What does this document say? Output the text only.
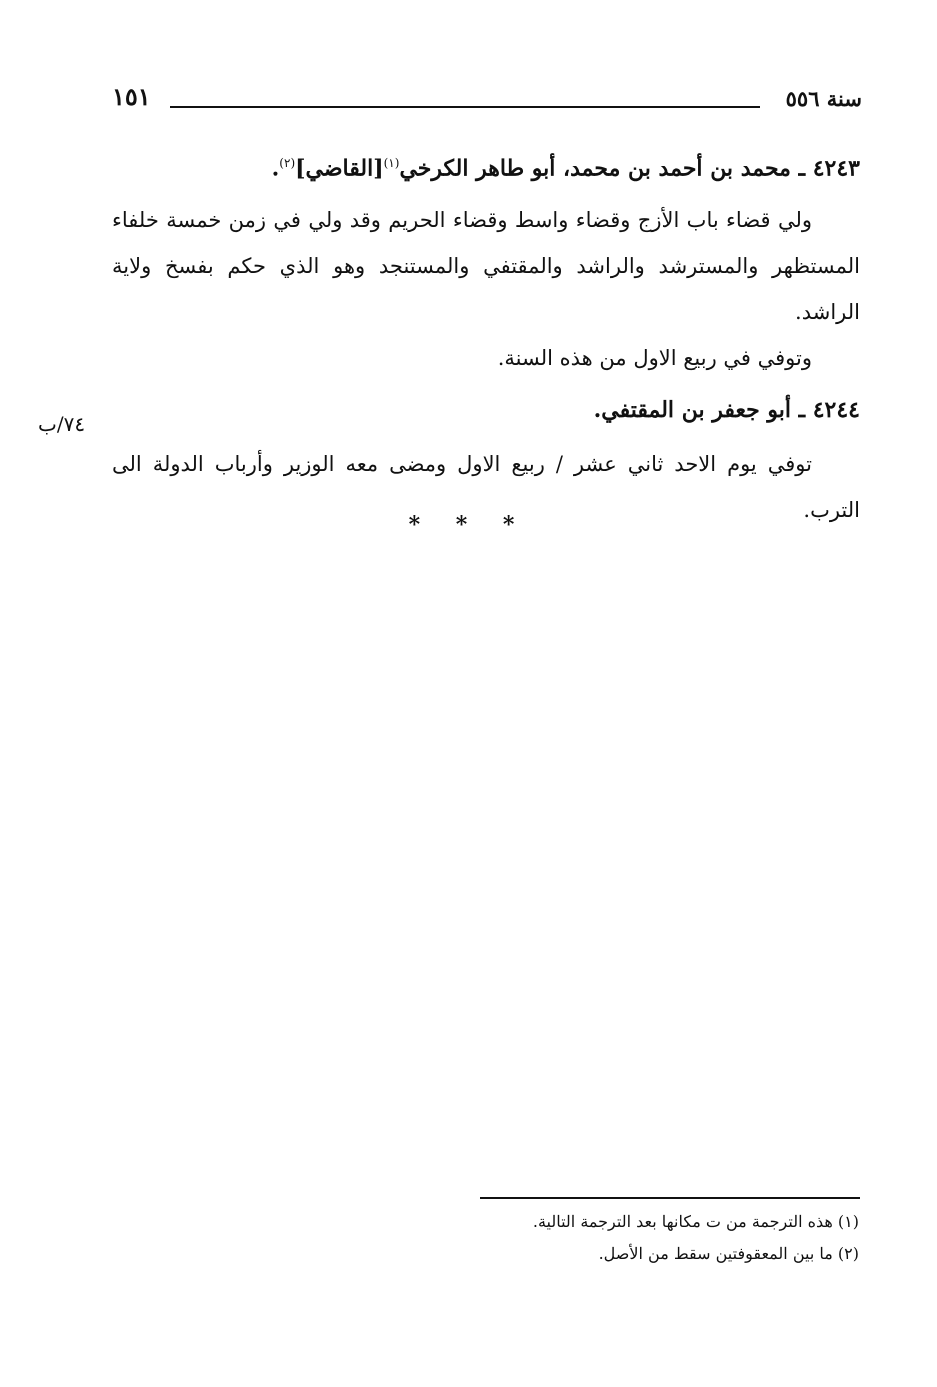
سنة ٥٥٦
١٥١

٤٢٤٣ ـ محمد بن أحمد بن محمد، أبو طاهر الكرخي$^{(١)}$[القاضي]$^{(٢)}$.

ولي قضاء باب الأزج وقضاء واسط وقضاء الحريم وقد ولي في زمن خمسة خلفاء المستظهر والمسترشد والراشد والمقتفي والمستنجد وهو الذي حكم بفسخ ولاية الراشد.

وتوفي في ربيع الاول من هذه السنة.

٤٢٤٤ ـ أبو جعفر بن المقتفي.

توفي يوم الاحد ثاني عشر / ربيع الاول ومضى معه الوزير وأرباب الدولة الى الترب.

٧٤/ب
* * *
(١) هذه الترجمة من ت مكانها بعد الترجمة التالية.
(٢) ما بين المعقوفتين سقط من الأصل.
